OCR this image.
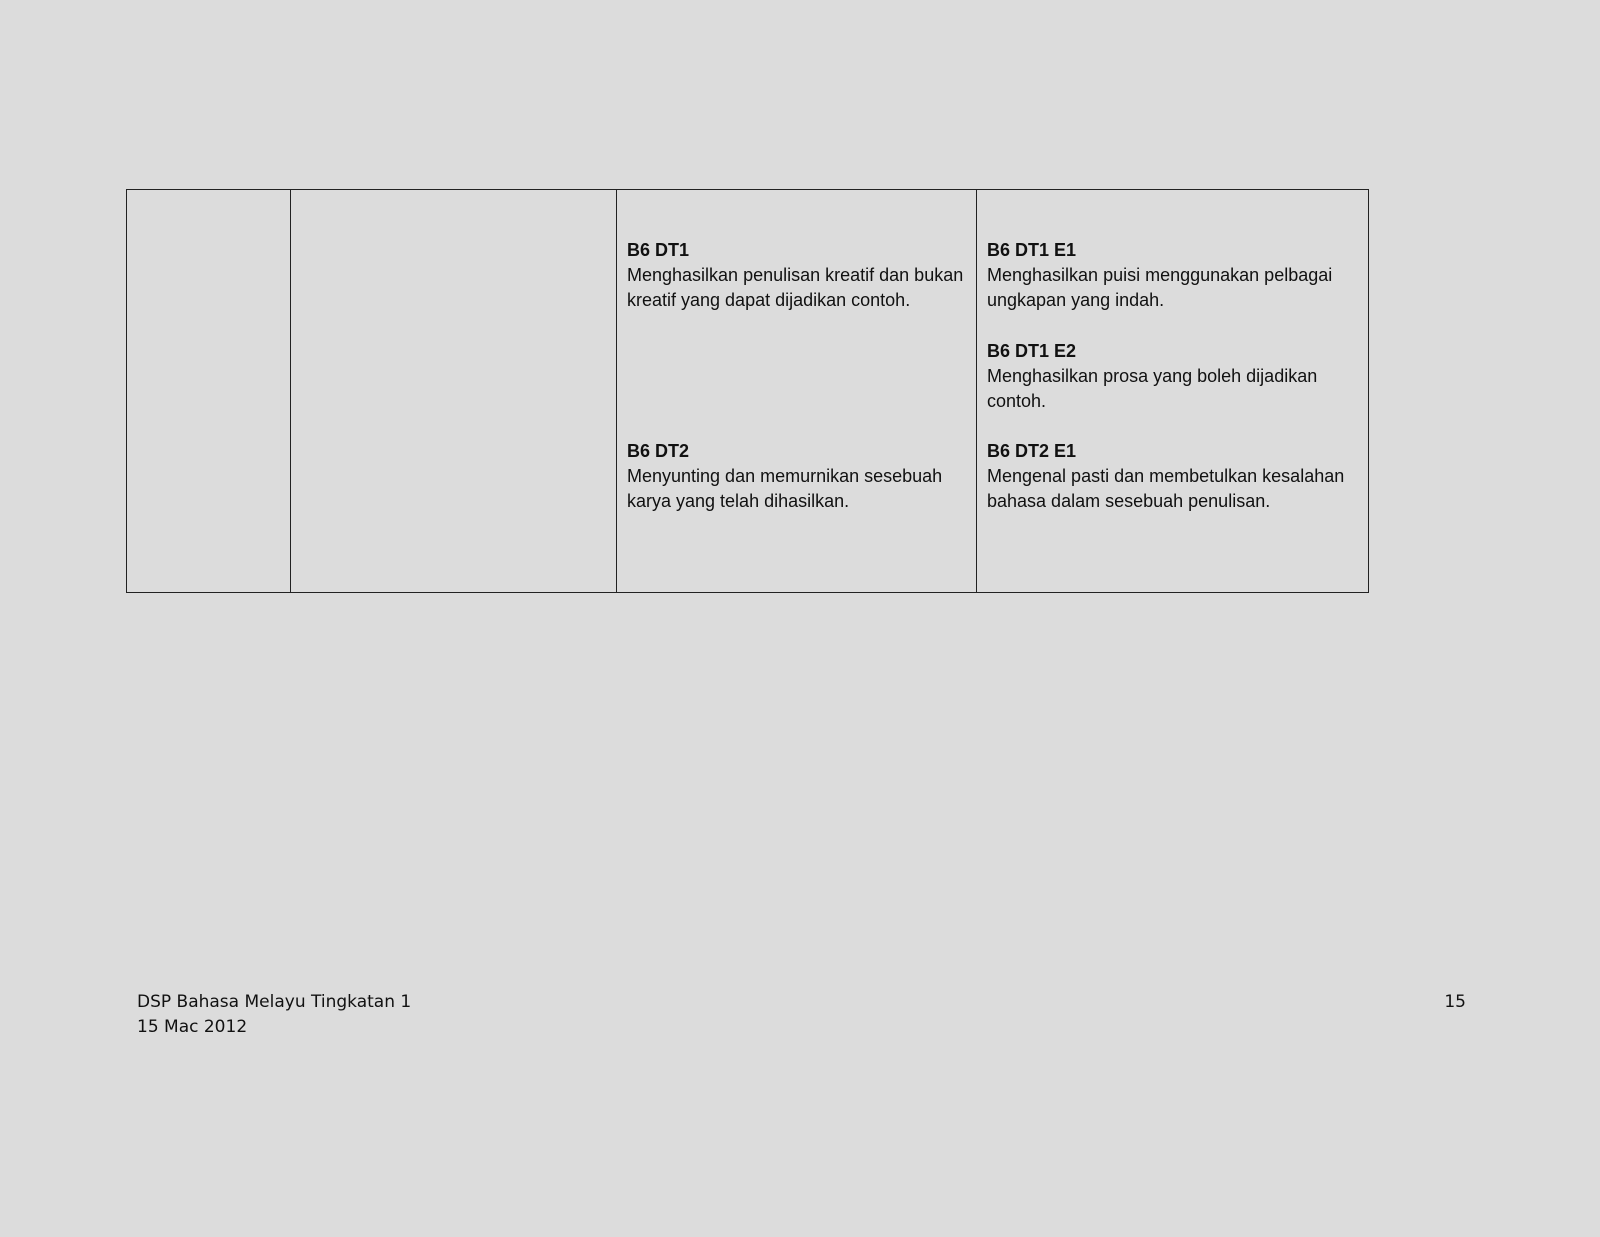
B6 DT1
Menghasilkan penulisan kreatif dan bukan kreatif yang dapat dijadikan contoh.
B6 DT2
Menyunting dan memurnikan sesebuah karya yang telah dihasilkan.
B6 DT1 E1
Menghasilkan puisi menggunakan pelbagai ungkapan yang indah.
B6 DT1 E2
Menghasilkan prosa yang boleh dijadikan contoh.
B6 DT2 E1
Mengenal pasti dan membetulkan kesalahan bahasa dalam sesebuah penulisan.
DSP Bahasa Melayu Tingkatan 1
15 Mac 2012
15
